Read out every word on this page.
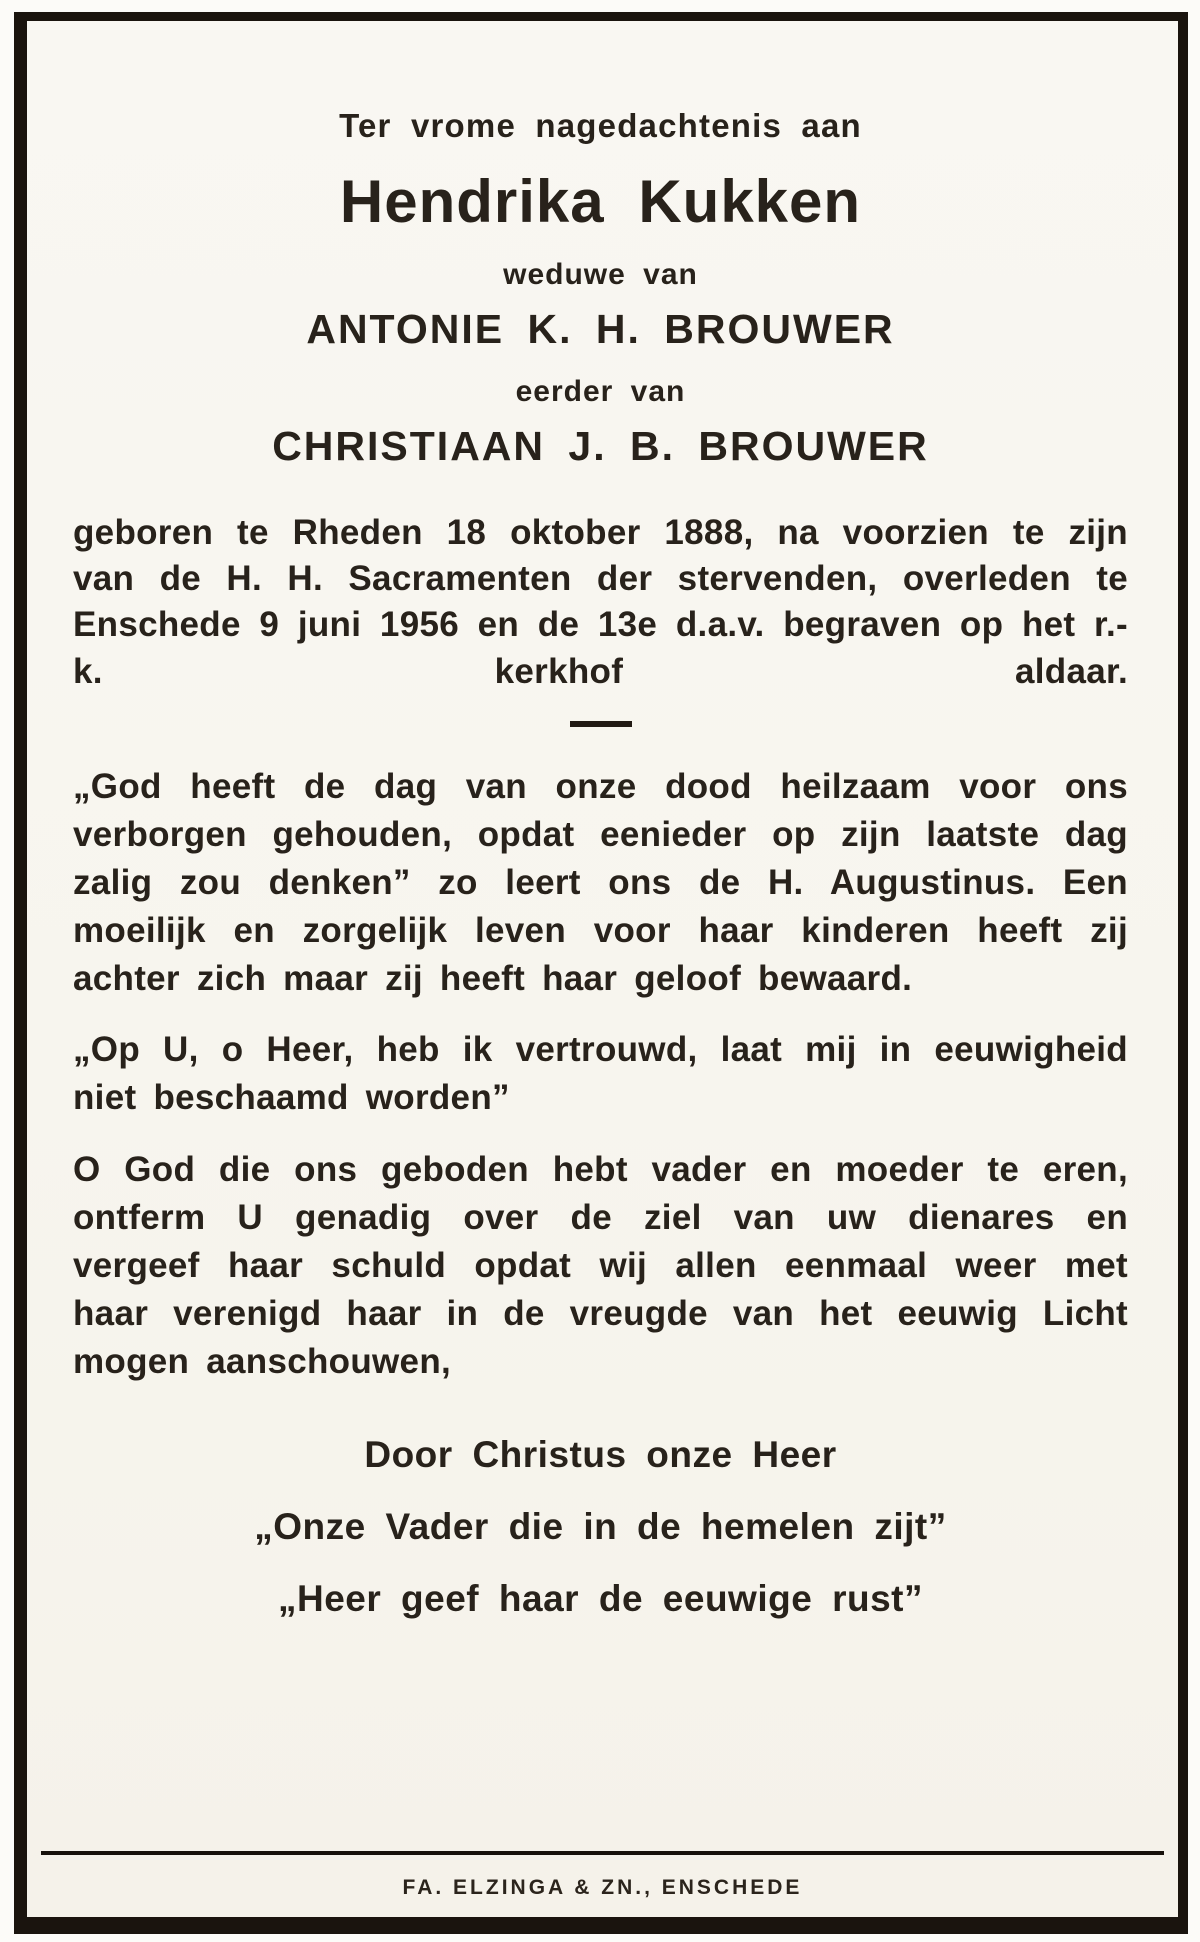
Ter vrome nagedachtenis aan

Hendrika Kukken

weduwe van

ANTONIE K. H. BROUWER

eerder van

CHRISTIAAN J. B. BROUWER

geboren te Rheden 18 oktober 1888, na voorzien te zijn van de H. H. Sacramenten der stervenden, overleden te Enschede 9 juni 1956 en de 13e d.a.v. begraven op het r.-k. kerkhof aldaar.

„God heeft de dag van onze dood heilzaam voor ons verborgen gehouden, opdat eenieder op zijn laatste dag zalig zou denken” zo leert ons de H. Augustinus. Een moeilijk en zorgelijk leven voor haar kinderen heeft zij achter zich maar zij heeft haar geloof bewaard.

„Op U, o Heer, heb ik vertrouwd, laat mij in eeuwigheid niet beschaamd worden”

O God die ons geboden hebt vader en moeder te eren, ontferm U genadig over de ziel van uw dienares en vergeef haar schuld opdat wij allen eenmaal weer met haar verenigd haar in de vreugde van het eeuwig Licht mogen aanschouwen,

Door Christus onze Heer

„Onze Vader die in de hemelen zijt”

„Heer geef haar de eeuwige rust”

FA. ELZINGA & ZN., ENSCHEDE
